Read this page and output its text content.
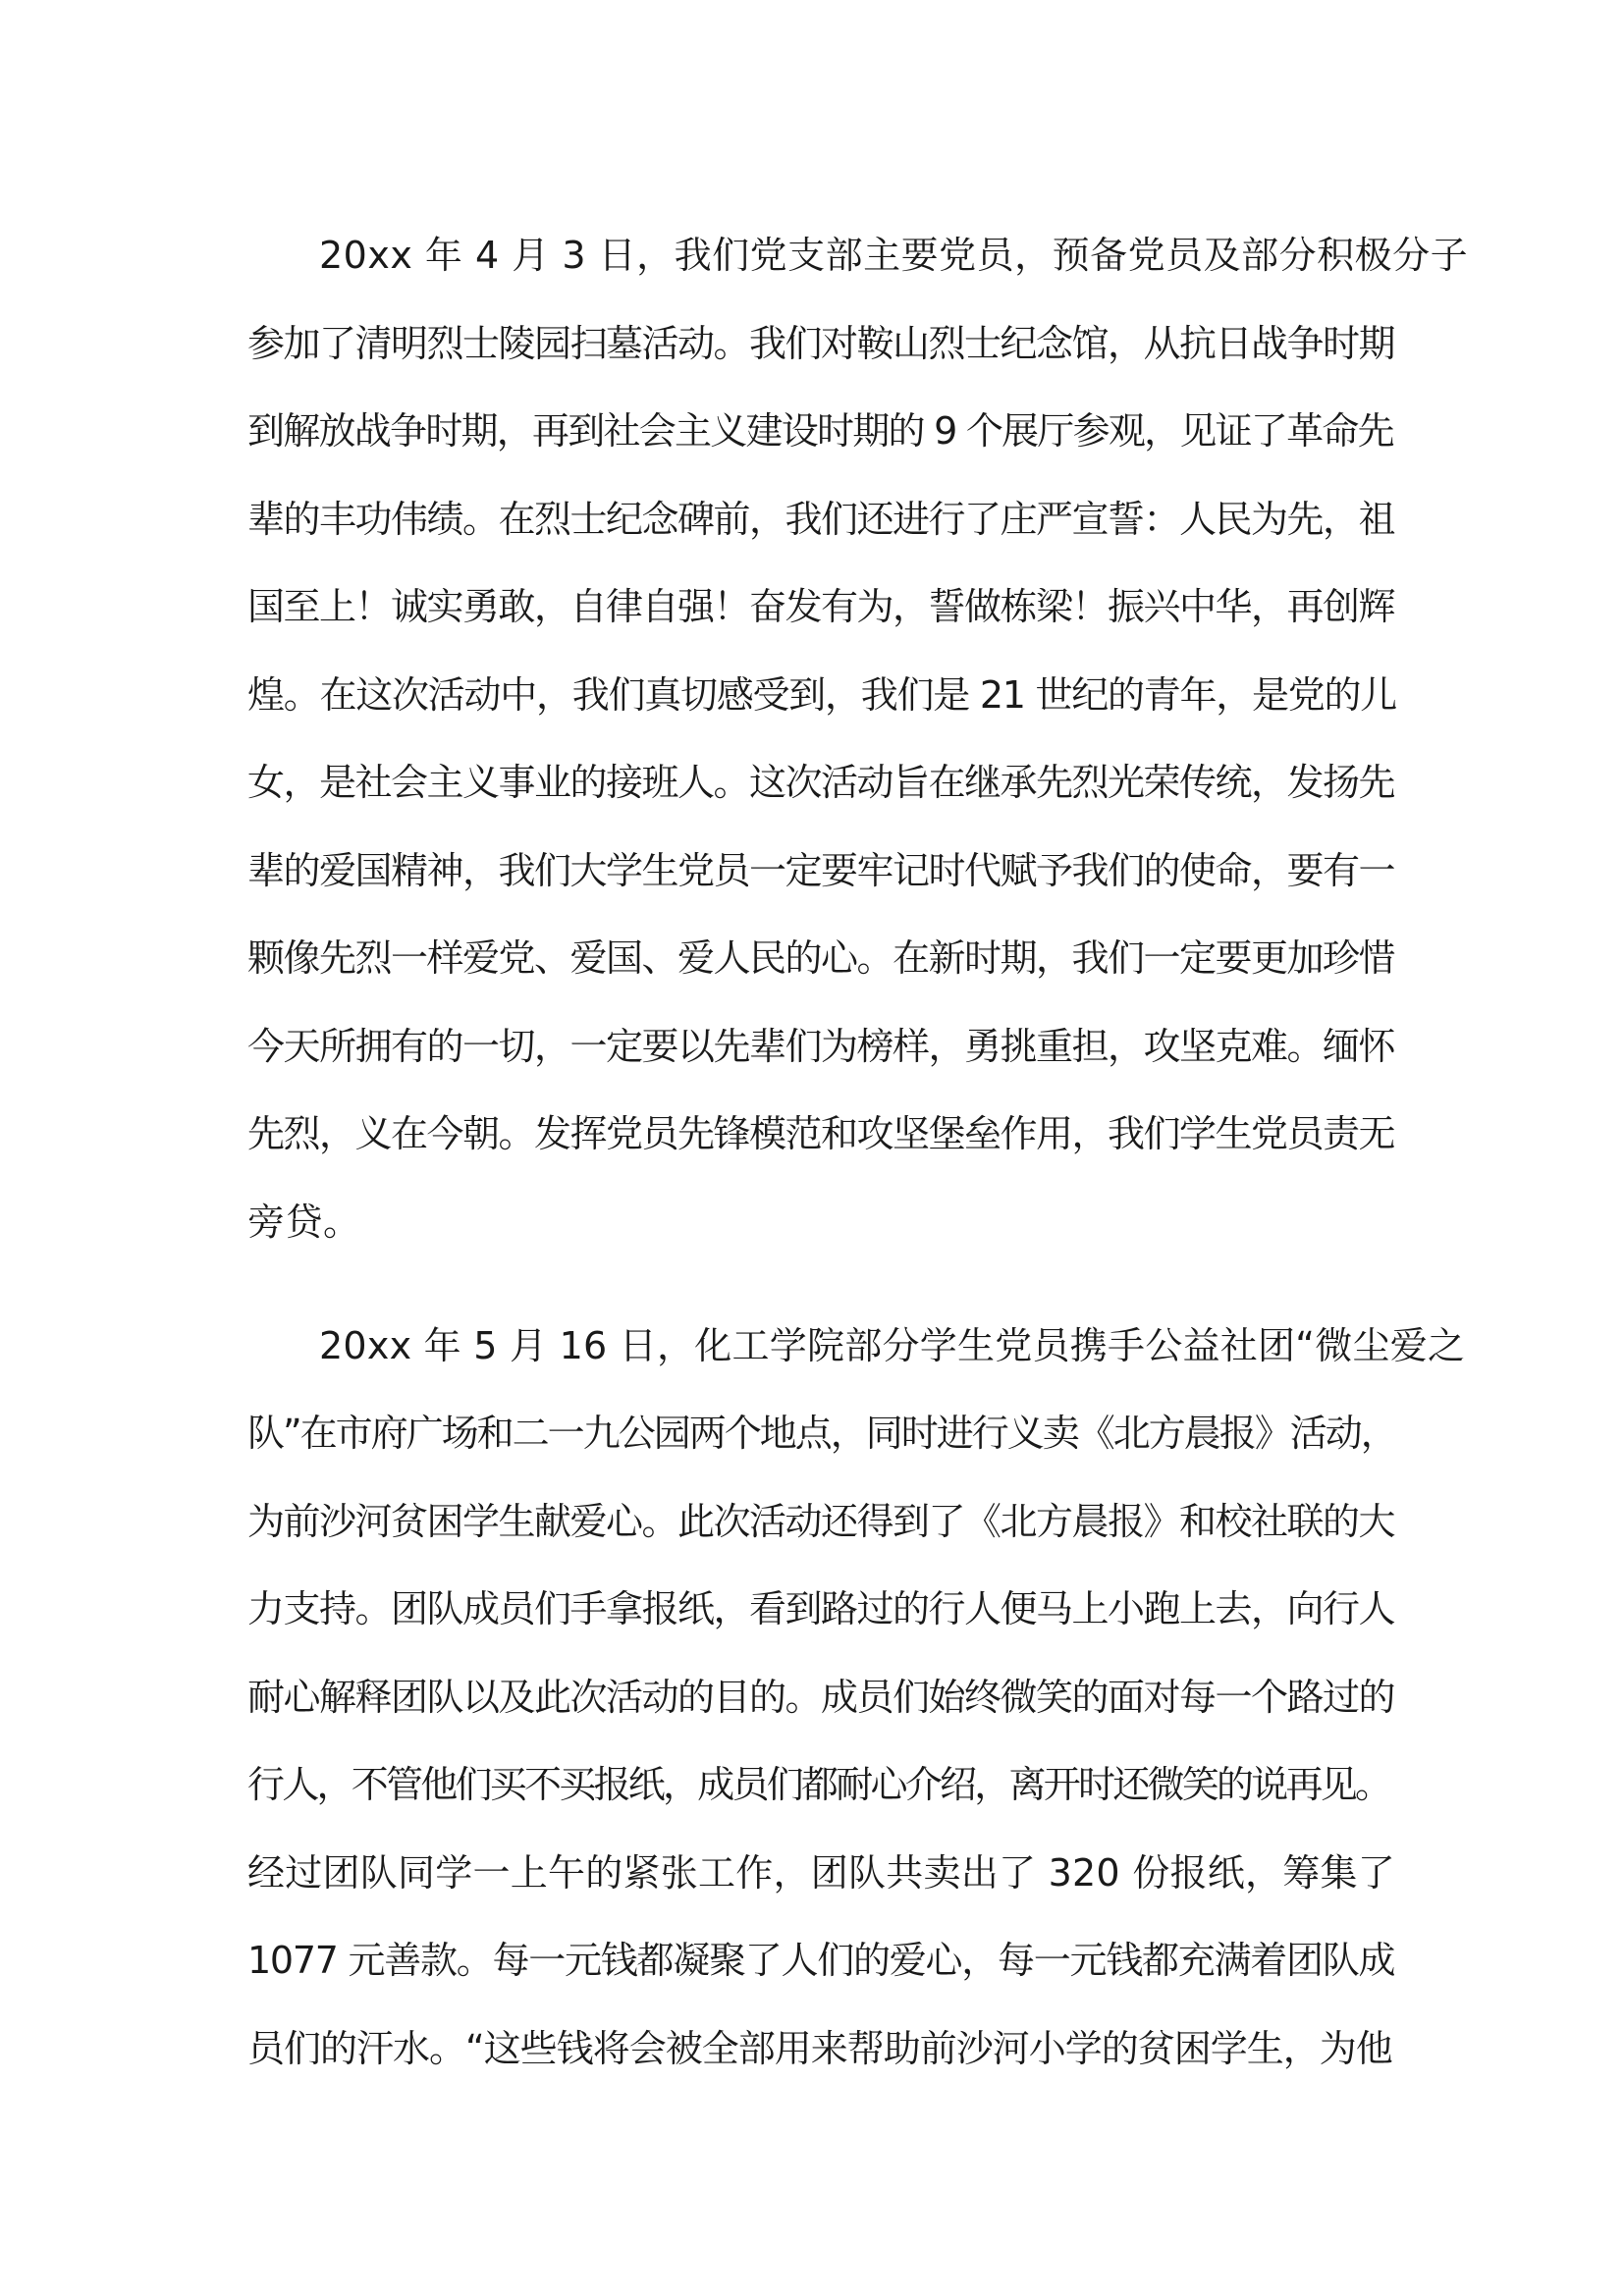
20xx 年 4 月 3 日，我们党支部主要党员，预备党员及部分积极分子
参加了清明烈士陵园扫墓活动。我们对鞍山烈士纪念馆，从抗日战争时期
到解放战争时期，再到社会主义建设时期的 9 个展厅参观，见证了革命先
辈的丰功伟绩。在烈士纪念碑前，我们还进行了庄严宣誓：人民为先，祖
国至上！诚实勇敢，自律自强！奋发有为，誓做栋梁！振兴中华，再创辉
煌。在这次活动中，我们真切感受到，我们是 21 世纪的青年，是党的儿
女，是社会主义事业的接班人。这次活动旨在继承先烈光荣传统，发扬先
辈的爱国精神，我们大学生党员一定要牢记时代赋予我们的使命，要有一
颗像先烈一样爱党、爱国、爱人民的心。在新时期，我们一定要更加珍惜
今天所拥有的一切，一定要以先辈们为榜样，勇挑重担，攻坚克难。缅怀
先烈，义在今朝。发挥党员先锋模范和攻坚堡垒作用，我们学生党员责无
旁贷。
20xx 年 5 月 16 日，化工学院部分学生党员携手公益社团“微尘爱之
队”在市府广场和二一九公园两个地点，同时进行义卖《北方晨报》活动，
为前沙河贫困学生献爱心。此次活动还得到了《北方晨报》和校社联的大
力支持。团队成员们手拿报纸，看到路过的行人便马上小跑上去，向行人
耐心解释团队以及此次活动的目的。成员们始终微笑的面对每一个路过的
行人，不管他们买不买报纸，成员们都耐心介绍，离开时还微笑的说再见。
经过团队同学一上午的紧张工作，团队共卖出了 320 份报纸，筹集了
1077 元善款。每一元钱都凝聚了人们的爱心，每一元钱都充满着团队成
员们的汗水。“这些钱将会被全部用来帮助前沙河小学的贫困学生，为他
